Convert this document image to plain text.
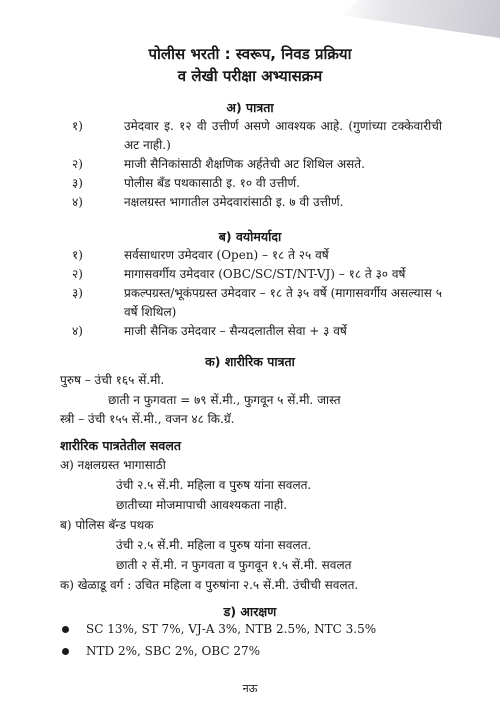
पोलीस भरती : स्वरूप, निवड प्रक्रिया
व लेखी परीक्षा अभ्यासक्रम
अ) पात्रता
१)	उमेदवार इ. १२ वी उत्तीर्ण असणे आवश्यक आहे. (गुणांच्या टक्केवारीची अट नाही.)
२)	माजी सैनिकांसाठी शैक्षणिक अर्हतेची अट शिथिल असते.
३)	पोलीस बँड पथकासाठी इ. १० वी उत्तीर्ण.
४)	नक्षलग्रस्त भागातील उमेदवारांसाठी इ. ७ वी उत्तीर्ण.
ब) वयोमर्यादा
१)	सर्वसाधारण उमेदवार (Open) – १८ ते २५ वर्षे
२)	मागासवर्गीय उमेदवार (OBC/SC/ST/NT-VJ) – १८ ते ३० वर्षे
३)	प्रकल्पग्रस्त/भूकंपग्रस्त उमेदवार – १८ ते ३५ वर्षे (मागासवर्गीय असल्यास ५ वर्षे शिथिल)
४)	माजी सैनिक उमेदवार – सैन्यदलातील सेवा + ३ वर्षे
क) शारीरिक पात्रता
पुरुष – उंची १६५ सें.मी.
छाती न फुगवता = ७९ सें.मी., फुगवून ५ सें.मी. जास्त
स्त्री – उंची १५५ सें.मी., वजन ४८ कि.ग्रॅ.
शारीरिक पात्रतेतील सवलत
अ) नक्षलग्रस्त भागासाठी
उंची २.५ सें.मी. महिला व पुरुष यांना सवलत.
छातीच्या मोजमापाची आवश्यकता नाही.
ब) पोलिस बॅन्ड पथक
उंची २.५ सें.मी. महिला व पुरुष यांना सवलत.
छाती २ सें.मी. न फुगवता व फुगवून १.५ सें.मी. सवलत
क) खेळाडू वर्ग : उचित महिला व पुरुषांना २.५ सें.मी. उंचीची सवलत.
ड) आरक्षण
SC 13%, ST 7%, VJ-A 3%, NTB 2.5%, NTC 3.5%
NTD 2%, SBC 2%, OBC 27%
नऊ
